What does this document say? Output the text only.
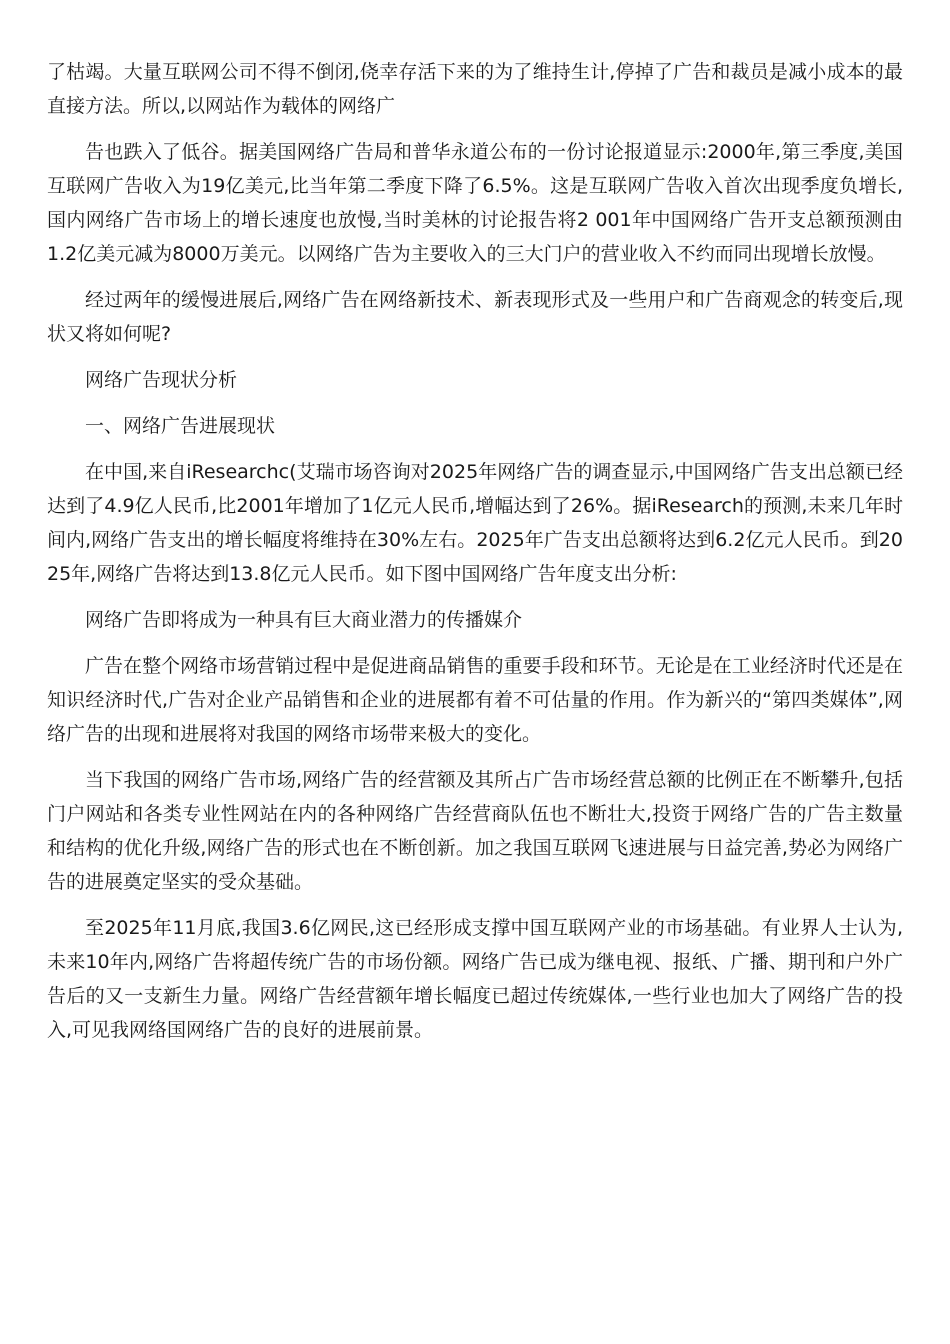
了枯竭。大量互联网公司不得不倒闭,侥幸存活下来的为了维持生计,停掉了广告和裁员是减小成本的最直接方法。所以,以网站作为载体的网络广

告也跌入了低谷。据美国网络广告局和普华永道公布的一份讨论报道显示:2000年,第三季度,美国互联网广告收入为19亿美元,比当年第二季度下降了6.5%。这是互联网广告收入首次出现季度负增长,国内网络广告市场上的增长速度也放慢,当时美林的讨论报告将2 001年中国网络广告开支总额预测由1.2亿美元减为8000万美元。以网络广告为主要收入的三大门户的营业收入不约而同出现增长放慢。

经过两年的缓慢进展后,网络广告在网络新技术、新表现形式及一些用户和广告商观念的转变后,现状又将如何呢?

网络广告现状分析

一、网络广告进展现状

在中国,来自iResearchc(艾瑞市场咨询对2025年网络广告的调查显示,中国网络广告支出总额已经达到了4.9亿人民币,比2001年增加了1亿元人民币,增幅达到了26%。据iResearch的预测,未来几年时间内,网络广告支出的增长幅度将维持在30%左右。2025年广告支出总额将达到6.2亿元人民币。到2025年,网络广告将达到13.8亿元人民币。如下图中国网络广告年度支出分析:

网络广告即将成为一种具有巨大商业潜力的传播媒介

广告在整个网络市场营销过程中是促进商品销售的重要手段和环节。无论是在工业经济时代还是在知识经济时代,广告对企业产品销售和企业的进展都有着不可估量的作用。作为新兴的“第四类媒体”,网络广告的出现和进展将对我国的网络市场带来极大的变化。

当下我国的网络广告市场,网络广告的经营额及其所占广告市场经营总额的比例正在不断攀升,包括门户网站和各类专业性网站在内的各种网络广告经营商队伍也不断壮大,投资于网络广告的广告主数量和结构的优化升级,网络广告的形式也在不断创新。加之我国互联网飞速进展与日益完善,势必为网络广告的进展奠定坚实的受众基础。

至2025年11月底,我国3.6亿网民,这已经形成支撑中国互联网产业的市场基础。有业界人士认为,未来10年内,网络广告将超传统广告的市场份额。网络广告已成为继电视、报纸、广播、期刊和户外广告后的又一支新生力量。网络广告经营额年增长幅度已超过传统媒体,一些行业也加大了网络广告的投入,可见我网络国网络广告的良好的进展前景。
